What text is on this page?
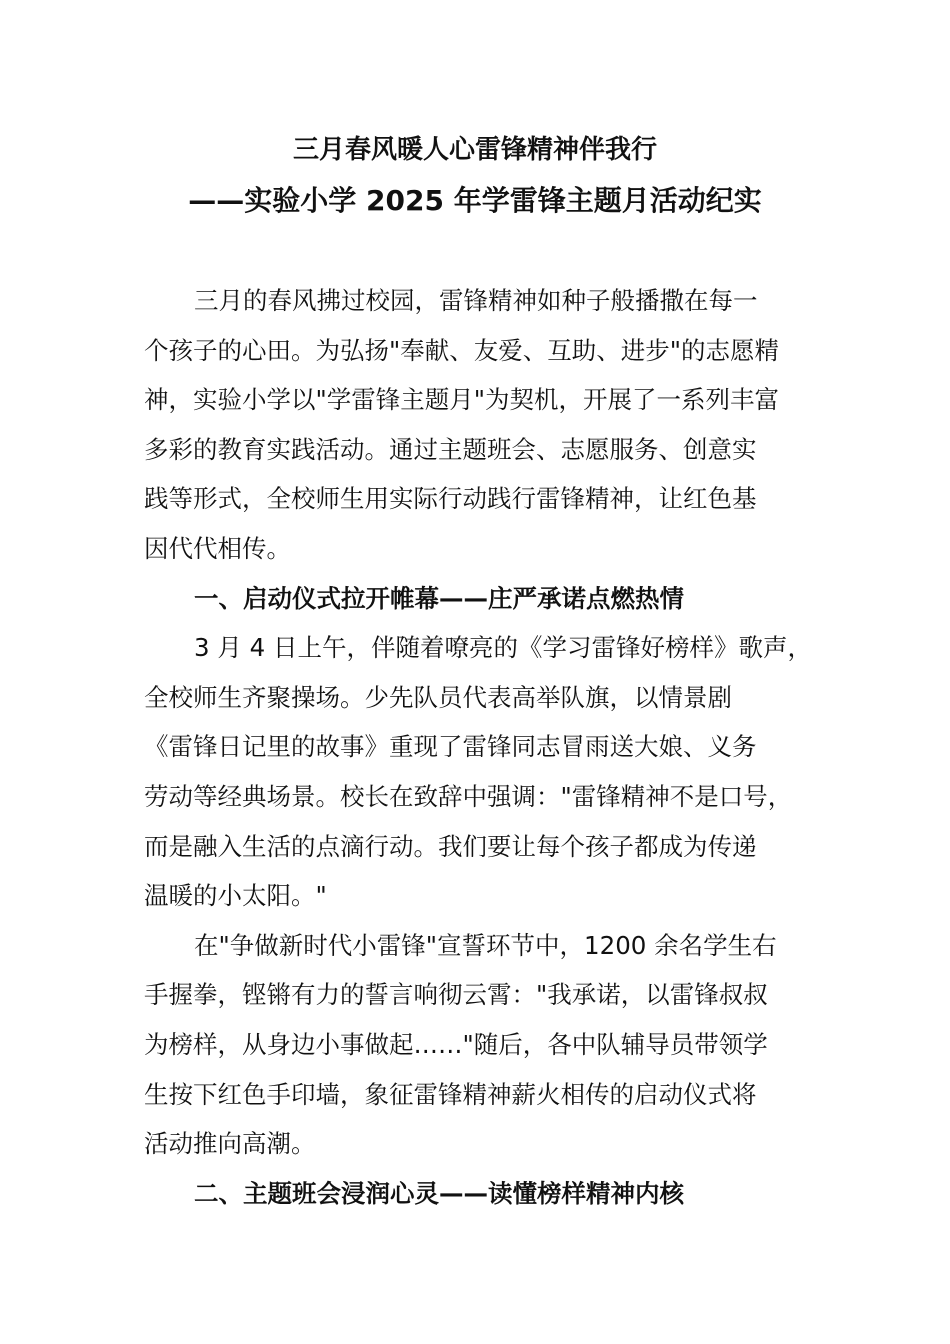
三月春风暖人心雷锋精神伴我行
——实验小学 2025 年学雷锋主题月活动纪实
三月的春风拂过校园，雷锋精神如种子般播撒在每一
个孩子的心田。为弘扬"奉献、友爱、互助、进步"的志愿精
神，实验小学以"学雷锋主题月"为契机，开展了一系列丰富
多彩的教育实践活动。通过主题班会、志愿服务、创意实
践等形式，全校师生用实际行动践行雷锋精神，让红色基
因代代相传。
一、启动仪式拉开帷幕——庄严承诺点燃热情
3 月 4 日上午，伴随着嘹亮的《学习雷锋好榜样》歌声，
全校师生齐聚操场。少先队员代表高举队旗，以情景剧
《雷锋日记里的故事》重现了雷锋同志冒雨送大娘、义务
劳动等经典场景。校长在致辞中强调："雷锋精神不是口号，
而是融入生活的点滴行动。我们要让每个孩子都成为传递
温暖的小太阳。"
在"争做新时代小雷锋"宣誓环节中，1200 余名学生右
手握拳，铿锵有力的誓言响彻云霄："我承诺，以雷锋叔叔
为榜样，从身边小事做起……"随后，各中队辅导员带领学
生按下红色手印墙，象征雷锋精神薪火相传的启动仪式将
活动推向高潮。
二、主题班会浸润心灵——读懂榜样精神内核
